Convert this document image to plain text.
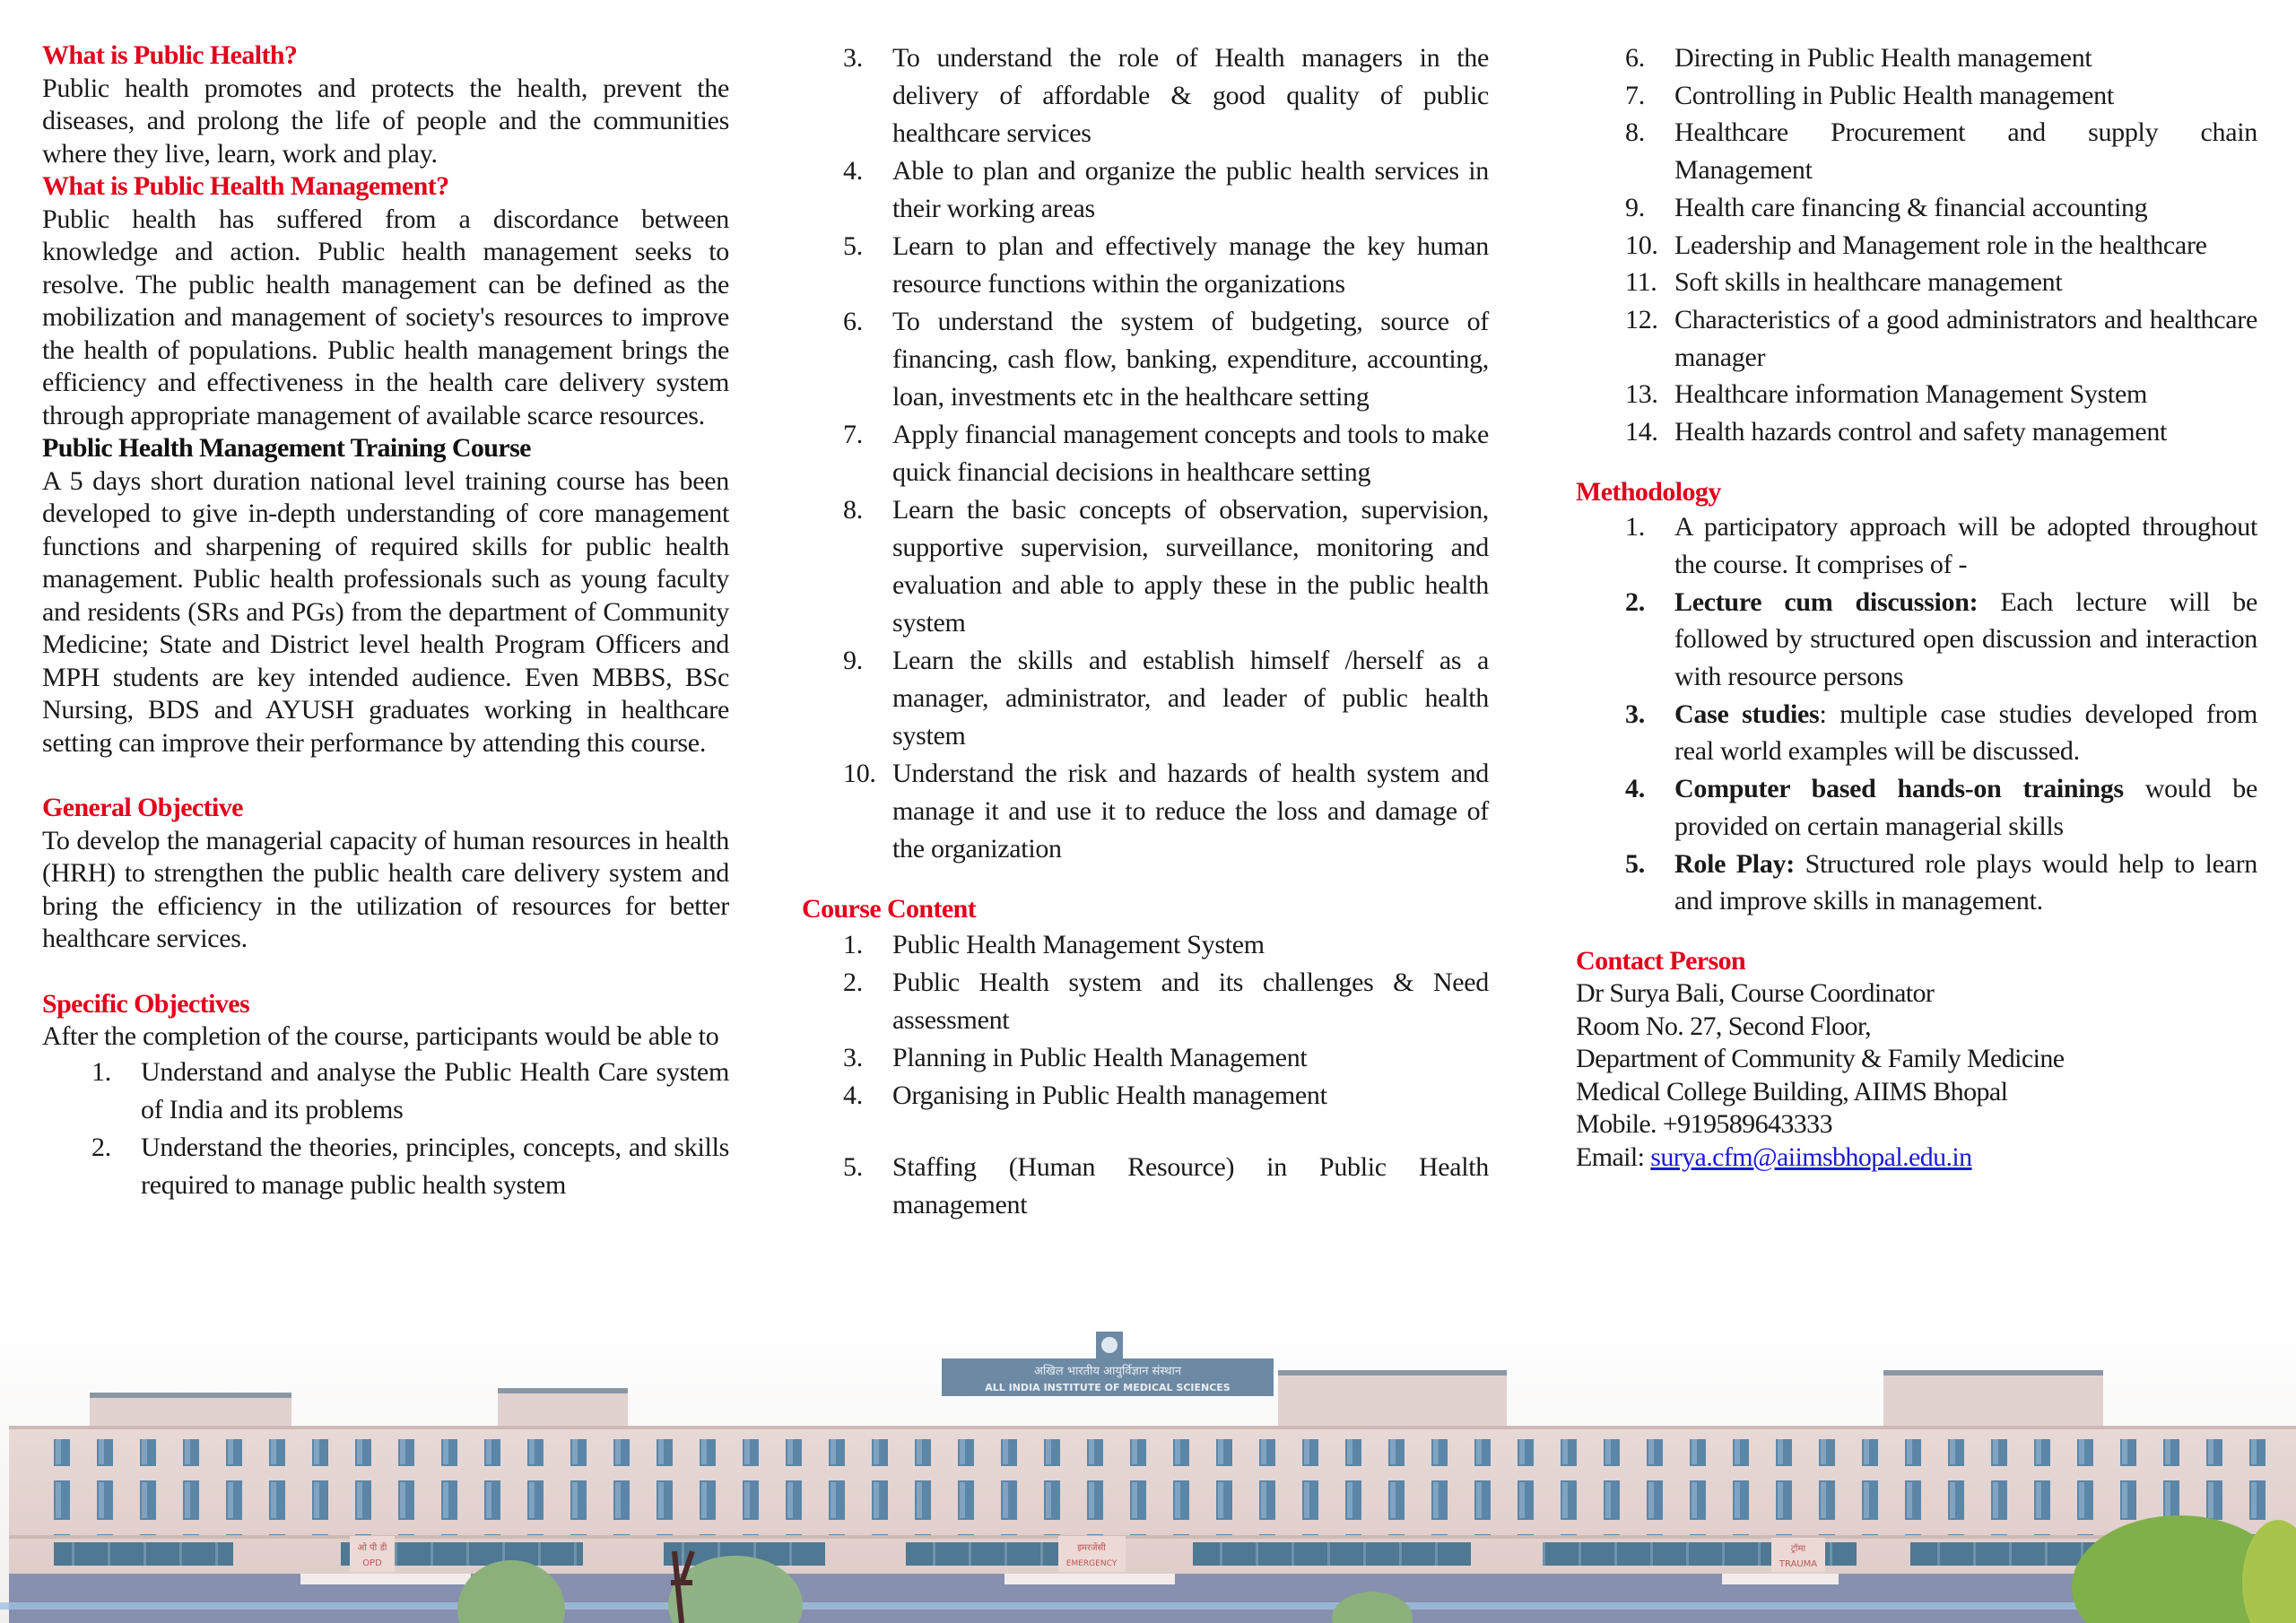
What is Public Health?
Public health promotes and protects the health, prevent the diseases, and prolong the life of people and the communities where they live, learn, work and play.
What is Public Health Management?
Public health has suffered from a discordance between knowledge and action. Public health management seeks to resolve. The public health management can be defined as the mobilization and management of society's resources to improve the health of populations. Public health management brings the efficiency and effectiveness in the health care delivery system through appropriate management of available scarce resources.
Public Health Management Training Course
A 5 days short duration national level training course has been developed to give in-depth understanding of core management functions and sharpening of required skills for public health management. Public health professionals such as young faculty and residents (SRs and PGs) from the department of Community Medicine; State and District level health Program Officers and MPH students are key intended audience. Even MBBS, BSc Nursing, BDS and AYUSH graduates working in healthcare setting can improve their performance by attending this course.
General Objective
To develop the managerial capacity of human resources in health (HRH) to strengthen the public health care delivery system and bring the efficiency in the utilization of resources for better healthcare services.
Specific Objectives
After the completion of the course, participants would be able to
1.	Understand and analyse the Public Health Care system of India and its problems
2.	Understand the theories, principles, concepts, and skills required to manage public health system
3.	To understand the role of Health managers in the delivery of affordable & good quality of public healthcare services
4.	Able to plan and organize the public health services in their working areas
5.	Learn to plan and effectively manage the key human resource functions within the organizations
6.	To understand the system of budgeting, source of financing, cash flow, banking, expenditure, accounting, loan, investments etc in the healthcare setting
7.	Apply financial management concepts and tools to make quick financial decisions in healthcare setting
8.	Learn the basic concepts of observation, supervision, supportive supervision, surveillance, monitoring and evaluation and able to apply these in the public health system
9.	Learn the skills and establish himself /herself as a manager, administrator, and leader of public health system
10. Understand the risk and hazards of health system and manage it and use it to reduce the loss and damage of the organization
Course Content
1.	Public Health Management System
2.	Public Health system and its challenges & Need assessment
3.	Planning in Public Health Management
4.	Organising in Public Health management
5.	Staffing (Human Resource) in Public Health management
6.	Directing in Public Health management
7.	Controlling in Public Health management
8.	Healthcare Procurement and supply chain Management
9.	Health care financing & financial accounting
10. Leadership and Management role in the healthcare
11. Soft skills in healthcare management
12. Characteristics of a good administrators and healthcare manager
13. Healthcare information Management System
14. Health hazards control and safety management
Methodology
1.	A participatory approach will be adopted throughout the course. It comprises of -
2.	Lecture cum discussion: Each lecture will be followed by structured open discussion and interaction with resource persons
3.	Case studies: multiple case studies developed from real world examples will be discussed.
4.	Computer based hands-on trainings would be provided on certain managerial skills
5.	Role Play: Structured role plays would help to learn and improve skills in management.
Contact Person
Dr Surya Bali, Course Coordinator
Room No. 27, Second Floor,
Department of Community & Family Medicine
Medical College Building, AIIMS Bhopal
Mobile. +919589643333
Email: surya.cfm@aiimsbhopal.edu.in
अखिल भारतीय आयुर्विज्ञान संस्थान
ALL INDIA INSTITUTE OF MEDICAL SCIENCES
ओ पी डी
OPD
इमरजेंसी
EMERGENCY
ट्रॉमा
TRAUMA
